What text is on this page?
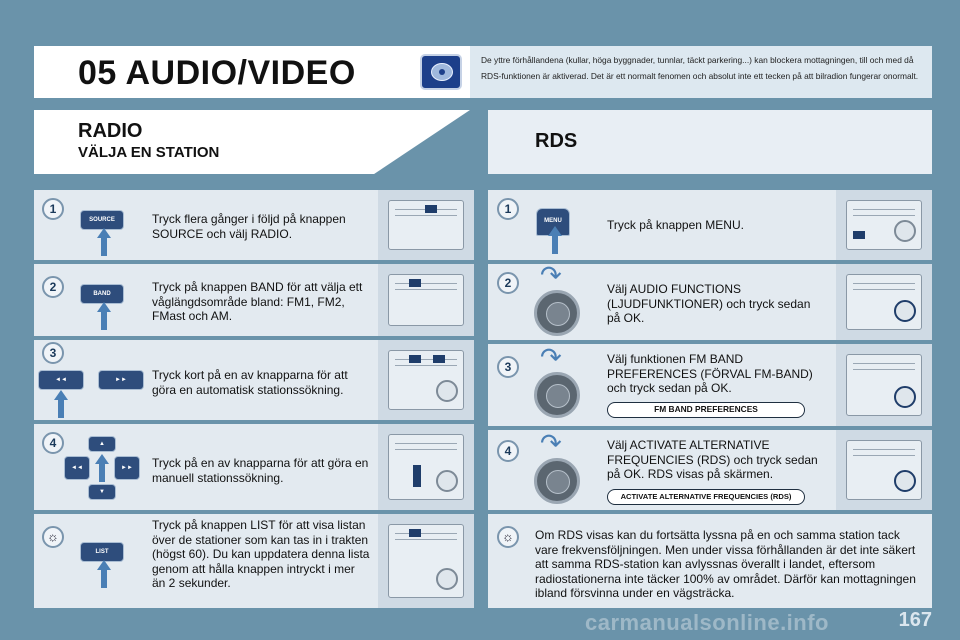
05 AUDIO/VIDEO	De yttre förhållandena (kullar, höga byggnader, tunnlar, täckt parkering...) kan blockera mottagningen, till och med då RDS-funktionen är aktiverad. Det är ett normalt fenomen och absolut inte ett tecken på att bilradion fungerar onormalt.
RADIO
VÄLJA EN STATION
RDS
1
SOURCE	Tryck flera gånger i följd på knappen SOURCE och välj RADIO.
2	BAND	Tryck på knappen BAND för att välja ett våglängdsområde bland: FM1, FM2, FMast och AM.
3
◄◄	►►	Tryck kort på en av knapparna för att göra en automatisk stationssökning.
4	▲
◄◄	►►
▼
Tryck på en av knapparna för att göra en manuell stationssökning.
☼
LIST
Tryck på knappen LIST för att visa listan över de stationer som kan tas in i trakten (högst 60). Du kan uppdatera denna lista genom att hålla knappen intryckt i mer än 2 sekunder.
1
MENU	Tryck på knappen MENU.
2 ↷	Välj AUDIO FUNCTIONS (LJUDFUNKTIONER) och tryck sedan på OK.
3 ↷	Välj funktionen FM BAND PREFERENCES (FÖRVAL FM-BAND) och tryck sedan på OK.
FM BAND PREFERENCES
4 ↷	Välj ACTIVATE ALTERNATIVE FREQUENCIES (RDS) och tryck sedan på OK. RDS visas på skärmen.
ACTIVATE ALTERNATIVE FREQUENCIES (RDS)
☼	Om RDS visas kan du fortsätta lyssna på en och samma station tack vare frekvensföljningen. Men under vissa förhållanden är det inte säkert att samma RDS-station kan avlyssnas överallt i landet, eftersom radiostationerna inte täcker 100% av området. Därför kan mottagningen ibland försvinna under en vägsträcka.
167
carmanualsonline.info
